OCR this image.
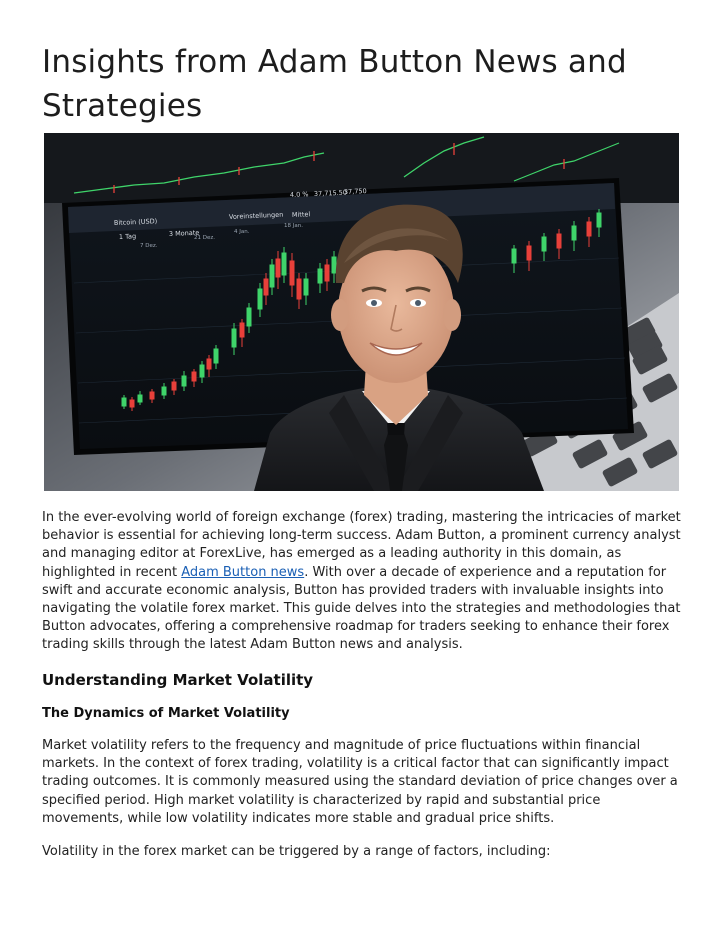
Insights from Adam Button News and Strategies
Bitcoin (USD)
1 Tag	3 Monate
Voreinstellungen Mittel
4.0 % 37,715.50
37,750
7 Dez.
21 Dez.
4 Jan.
18 Jan.

In the ever-evolving world of foreign exchange (forex) trading, mastering the intricacies of market behavior is essential for achieving long-term success. Adam Button, a prominent currency analyst and managing editor at ForexLive, has emerged as a leading authority in this domain, as highlighted in recent Adam Button news. With over a decade of experience and a reputation for swift and accurate economic analysis, Button has provided traders with invaluable insights into navigating the volatile forex market. This guide delves into the strategies and methodologies that Button advocates, offering a comprehensive roadmap for traders seeking to enhance their forex trading skills through the latest Adam Button news and analysis.

Understanding Market Volatility
The Dynamics of Market Volatility

Market volatility refers to the frequency and magnitude of price fluctuations within financial markets. In the context of forex trading, volatility is a critical factor that can significantly impact trading outcomes. It is commonly measured using the standard deviation of price changes over a specified period. High market volatility is characterized by rapid and substantial price movements, while low volatility indicates more stable and gradual price shifts.

Volatility in the forex market can be triggered by a range of factors, including:
